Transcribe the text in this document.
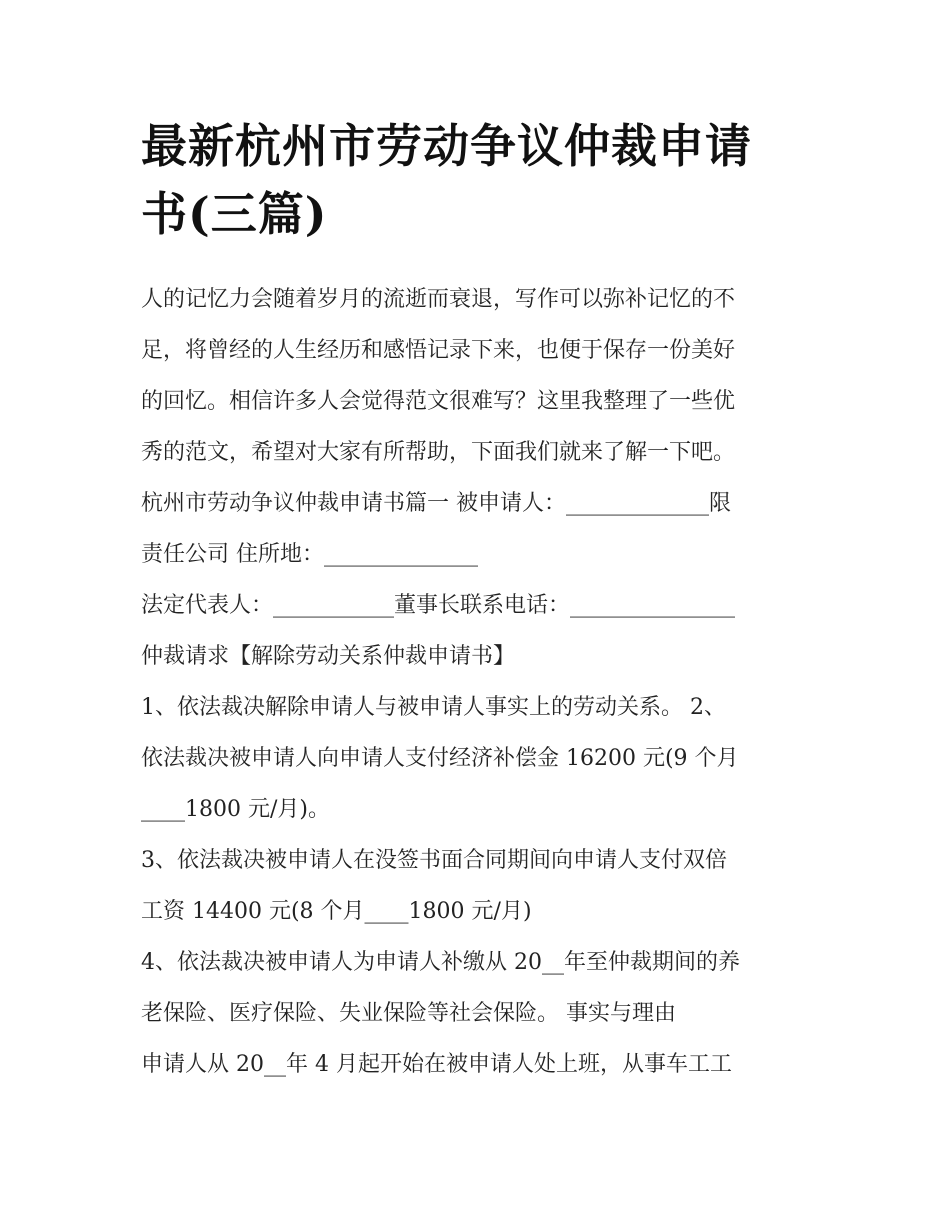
最新杭州市劳动争议仲裁申请
书(三篇)
人的记忆力会随着岁月的流逝而衰退，写作可以弥补记忆的不
足，将曾经的人生经历和感悟记录下来，也便于保存一份美好
的回忆。相信许多人会觉得范文很难写？这里我整理了一些优
秀的范文，希望对大家有所帮助，下面我们就来了解一下吧。
杭州市劳动争议仲裁申请书篇一 被申请人：_____________限
责任公司 住所地：______________
法定代表人：___________董事长联系电话：_______________
仲裁请求【解除劳动关系仲裁申请书】
1、依法裁决解除申请人与被申请人事实上的劳动关系。 2、
依法裁决被申请人向申请人支付经济补偿金 16200 元(9 个月
____1800 元/月)。
3、依法裁决被申请人在没签书面合同期间向申请人支付双倍
工资 14400 元(8 个月____1800 元/月)
4、依法裁决被申请人为申请人补缴从 20__年至仲裁期间的养
老保险、医疗保险、失业保险等社会保险。 事实与理由
申请人从 20__年 4 月起开始在被申请人处上班，从事车工工
